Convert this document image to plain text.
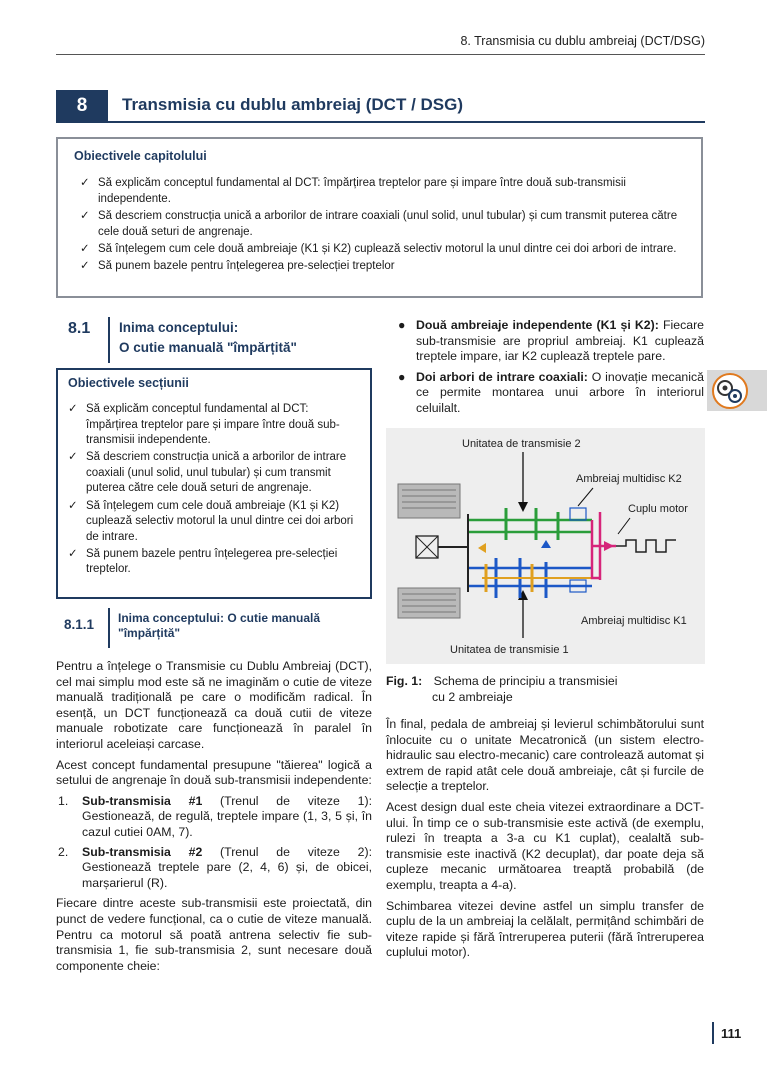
8. Transmisia cu dublu ambreiaj (DCT/DSG)
8	Transmisia cu dublu ambreiaj (DCT / DSG)
Obiectivele capitolului
✓ Să explicăm conceptul fundamental al DCT: împărțirea treptelor pare și impare între două sub-transmisii independente.
✓ Să descriem construcția unică a arborilor de intrare coaxiali (unul solid, unul tubular) și cum transmit puterea către cele două seturi de angrenaje.
✓ Să înțelegem cum cele două ambreiaje (K1 și K2) cuplează selectiv motorul la unul dintre cei doi arbori de intrare.
✓ Să punem bazele pentru înțelegerea pre-selecției treptelor
8.1 Inima conceptului:
O cutie manuală "împărțită"
Obiectivele secțiunii
✓ Să explicăm conceptul fundamental al DCT: împărțirea treptelor pare și impare între două sub-transmisii independente.
✓ Să descriem construcția unică a arborilor de intrare coaxiali (unul solid, unul tubular) și cum transmit puterea către cele două seturi de angrenaje.
✓ Să înțelegem cum cele două ambreiaje (K1 și K2) cuplează selectiv motorul la unul dintre cei doi arbori de intrare.
✓ Să punem bazele pentru înțelegerea pre-selecției treptelor.
8.1.1 Inima conceptului: O cutie manuală
"împărțită"

Pentru a înțelege o Transmisie cu Dublu Ambreiaj (DCT), cel mai simplu mod este să ne imaginăm o cutie de viteze manuală tradițională pe care o modificăm radical. În esență, un DCT funcționează ca două cutii de viteze manuale robotizate care funcționează în paralel în interiorul aceleiași carcase.

Acest concept fundamental presupune "tăierea" logică a setului de angrenaje în două sub-transmisii independente:

1. Sub-transmisia #1 (Trenul de viteze 1): Gestionează, de regulă, treptele impare (1, 3, 5 și, în cazul cutiei 0AM, 7).
2. Sub-transmisia #2 (Trenul de viteze 2): Gestionează treptele pare (2, 4, 6) și, de obicei, marșarierul (R).

Fiecare dintre aceste sub-transmisii este proiectată, din punct de vedere funcțional, ca o cutie de viteze manuală. Pentru ca motorul să poată antrena selectiv fie sub-transmisia 1, fie sub-transmisia 2, sunt necesare două componente cheie:

● Două ambreiaje independente (K1 și K2): Fiecare sub-transmisie are propriul ambreiaj. K1 cuplează treptele impare, iar K2 cuplează treptele pare.
● Doi arbori de intrare coaxiali: O inovație mecanică ce permite montarea unui arbore în interiorul celuilalt.
Unitatea de transmisie 2
Ambreiaj multidisc K2
Cuplu motor
Ambreiaj multidisc K1
Unitatea de transmisie 1
Fig. 1: Schema de principiu a transmisiei
cu 2 ambreiaje

În final, pedala de ambreiaj și levierul schimbătorului sunt înlocuite cu o unitate Mecatronică (un sistem electro-hidraulic sau electro-mecanic) care controlează automat și extrem de rapid atât cele două ambreiaje, cât și furcile de selecție a treptelor.

Acest design dual este cheia vitezei extraordinare a DCT-ului. În timp ce o sub-transmisie este activă (de exemplu, rulezi în treapta a 3-a cu K1 cuplat), cealaltă sub-transmisie este inactivă (K2 decuplat), dar poate deja să cupleze mecanic următoarea treaptă probabilă (de exemplu, treapta a 4-a).

Schimbarea vitezei devine astfel un simplu transfer de cuplu de la un ambreiaj la celălalt, permițând schimbări de viteze rapide și fără întreruperea puterii (fără întreruperea cuplului motor).

111
